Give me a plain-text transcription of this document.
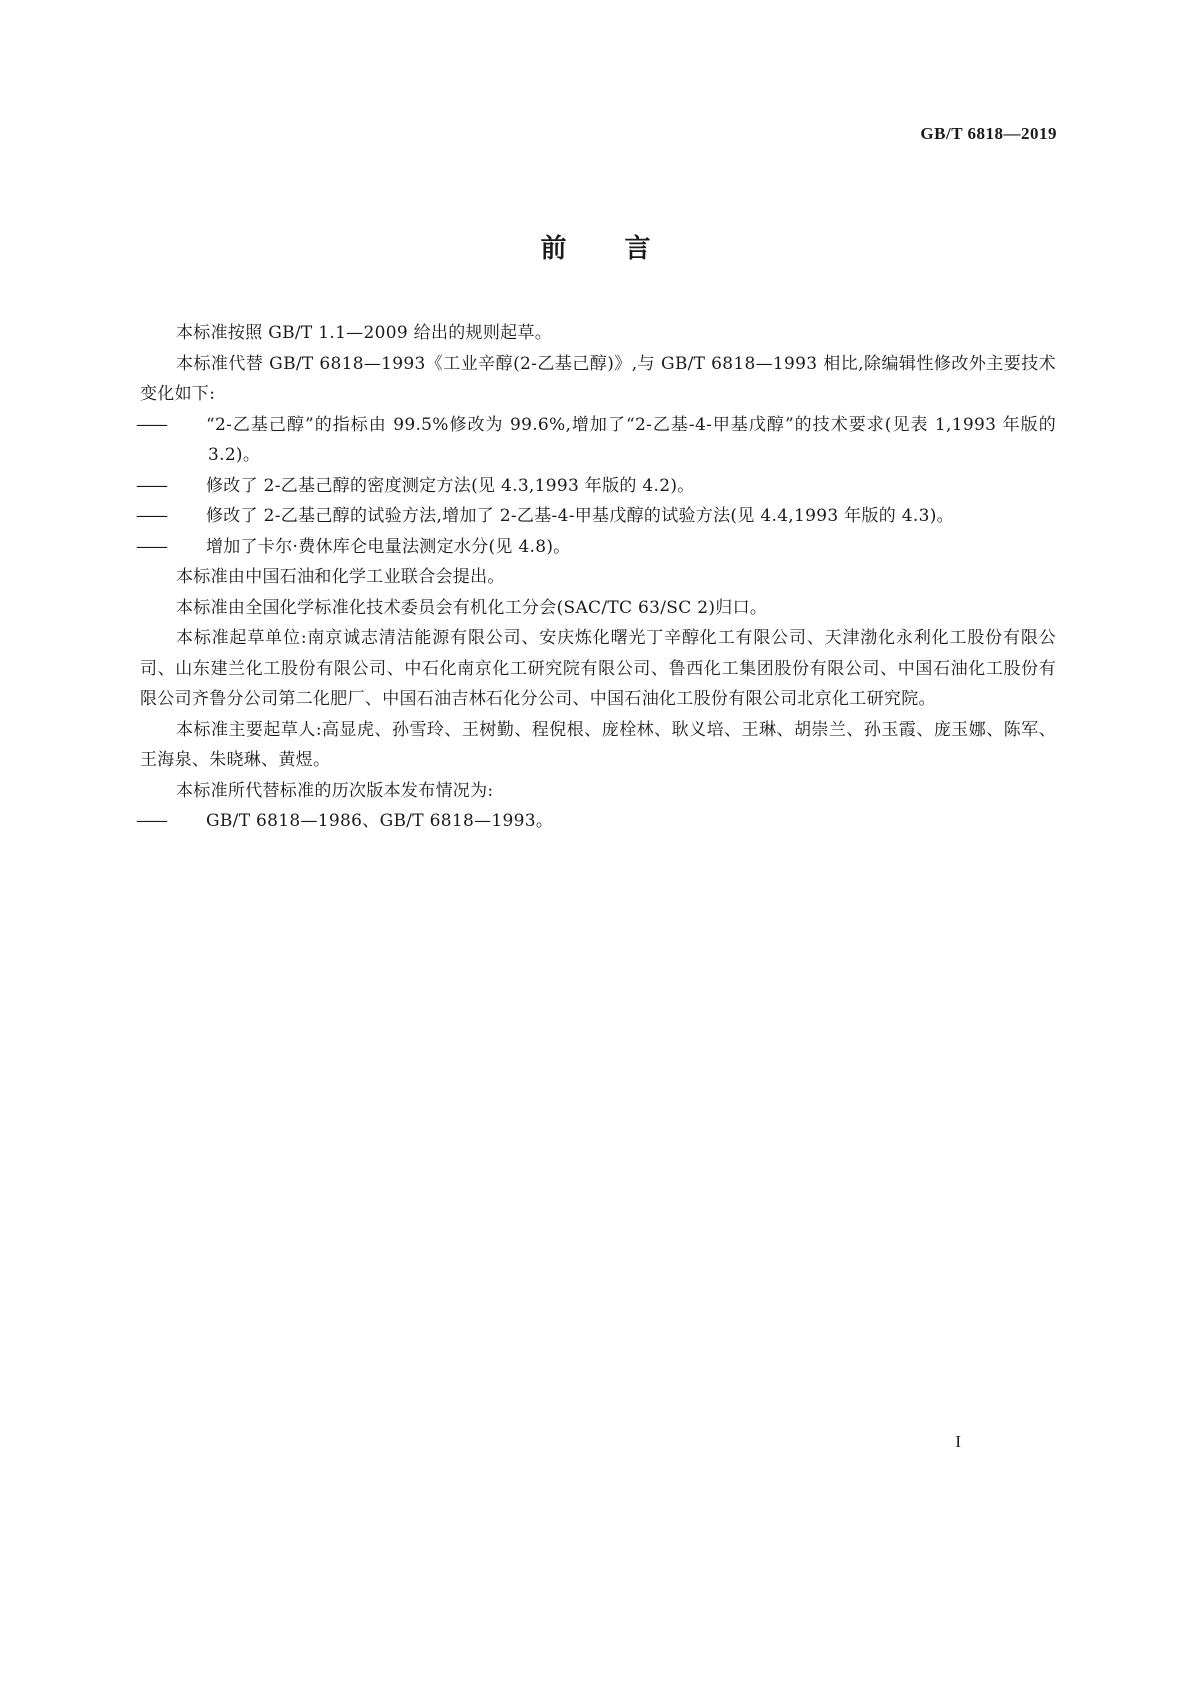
GB/T 6818—2019
前言

本标准按照 GB/T 1.1—2009 给出的规则起草。

本标准代替 GB/T 6818—1993《工业辛醇(2-乙基己醇)》,与 GB/T 6818—1993 相比,除编辑性修改外主要技术变化如下:

—— “2-乙基己醇”的指标由 99.5%修改为 99.6%,增加了“2-乙基-4-甲基戊醇”的技术要求(见表 1,1993 年版的 3.2)。

—— 修改了 2-乙基己醇的密度测定方法(见 4.3,1993 年版的 4.2)。

—— 修改了 2-乙基己醇的试验方法,增加了 2-乙基-4-甲基戊醇的试验方法(见 4.4,1993 年版的 4.3)。

—— 增加了卡尔·费休库仑电量法测定水分(见 4.8)。

本标准由中国石油和化学工业联合会提出。

本标准由全国化学标准化技术委员会有机化工分会(SAC/TC 63/SC 2)归口。

本标准起草单位:南京诚志清洁能源有限公司、安庆炼化曙光丁辛醇化工有限公司、天津渤化永利化工股份有限公司、山东建兰化工股份有限公司、中石化南京化工研究院有限公司、鲁西化工集团股份有限公司、中国石油化工股份有限公司齐鲁分公司第二化肥厂、中国石油吉林石化分公司、中国石油化工股份有限公司北京化工研究院。

本标准主要起草人:高显虎、孙雪玲、王树勤、程倪根、庞栓林、耿义培、王琳、胡崇兰、孙玉霞、庞玉娜、陈军、王海泉、朱晓琳、黄煜。

本标准所代替标准的历次版本发布情况为:

—— GB/T 6818—1986、GB/T 6818—1993。

I
